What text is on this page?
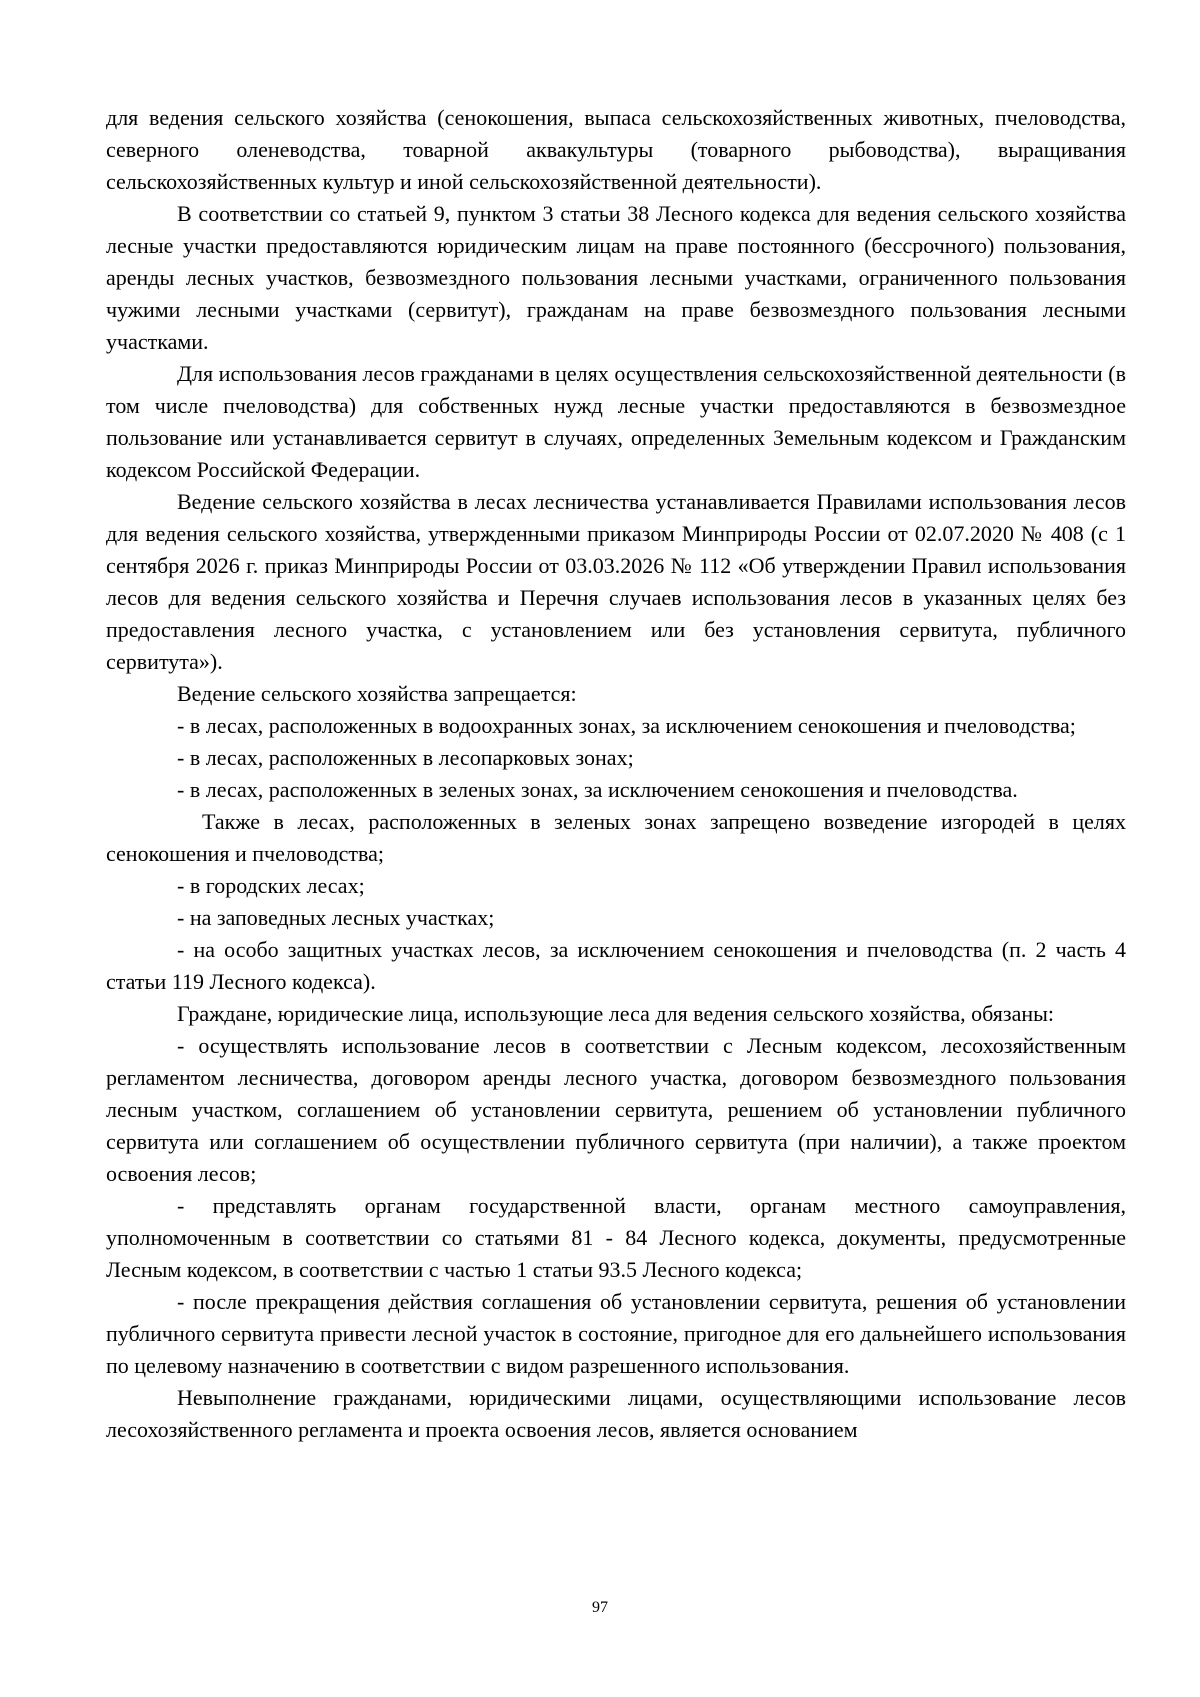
для ведения сельского хозяйства (сенокошения, выпаса сельскохозяйственных животных, пчеловодства, северного оленеводства, товарной аквакультуры (товарного рыбоводства), выращивания сельскохозяйственных культур и иной сельскохозяйственной деятельности).

В соответствии со статьей 9, пунктом 3 статьи 38 Лесного кодекса для ведения сельского хозяйства лесные участки предоставляются юридическим лицам на праве постоянного (бессрочного) пользования, аренды лесных участков, безвозмездного пользования лесными участками, ограниченного пользования чужими лесными участками (сервитут), гражданам на праве безвозмездного пользования лесными участками.

Для использования лесов гражданами в целях осуществления сельскохозяйственной деятельности (в том числе пчеловодства) для собственных нужд лесные участки предоставляются в безвозмездное пользование или устанавливается сервитут в случаях, определенных Земельным кодексом и Гражданским кодексом Российской Федерации.

Ведение сельского хозяйства в лесах лесничества устанавливается Правилами использования лесов для ведения сельского хозяйства, утвержденными приказом Минприроды России от 02.07.2020 № 408 (с 1 сентября 2026 г. приказ Минприроды России от 03.03.2026 № 112 «Об утверждении Правил использования лесов для ведения сельского хозяйства и Перечня случаев использования лесов в указанных целях без предоставления лесного участка, с установлением или без установления сервитута, публичного сервитута»).

Ведение сельского хозяйства запрещается:

- в лесах, расположенных в водоохранных зонах, за исключением сенокошения и пчеловодства;

- в лесах, расположенных в лесопарковых зонах;

- в лесах, расположенных в зеленых зонах, за исключением сенокошения и пчеловодства.

Также в лесах, расположенных в зеленых зонах запрещено возведение изгородей в целях сенокошения и пчеловодства;

- в городских лесах;

- на заповедных лесных участках;

- на особо защитных участках лесов, за исключением сенокошения и пчеловодства (п. 2 часть 4 статьи 119 Лесного кодекса).

Граждане, юридические лица, использующие леса для ведения сельского хозяйства, обязаны:

- осуществлять использование лесов в соответствии с Лесным кодексом, лесохозяйственным регламентом лесничества, договором аренды лесного участка, договором безвозмездного пользования лесным участком, соглашением об установлении сервитута, решением об установлении публичного сервитута или соглашением об осуществлении публичного сервитута (при наличии), а также проектом освоения лесов;

- представлять органам государственной власти, органам местного самоуправления, уполномоченным в соответствии со статьями 81 - 84 Лесного кодекса, документы, предусмотренные Лесным кодексом, в соответствии с частью 1 статьи 93.5 Лесного кодекса;

- после прекращения действия соглашения об установлении сервитута, решения об установлении публичного сервитута привести лесной участок в состояние, пригодное для его дальнейшего использования по целевому назначению в соответствии с видом разрешенного использования.

Невыполнение гражданами, юридическими лицами, осуществляющими использование лесов лесохозяйственного регламента и проекта освоения лесов, является основанием

97
